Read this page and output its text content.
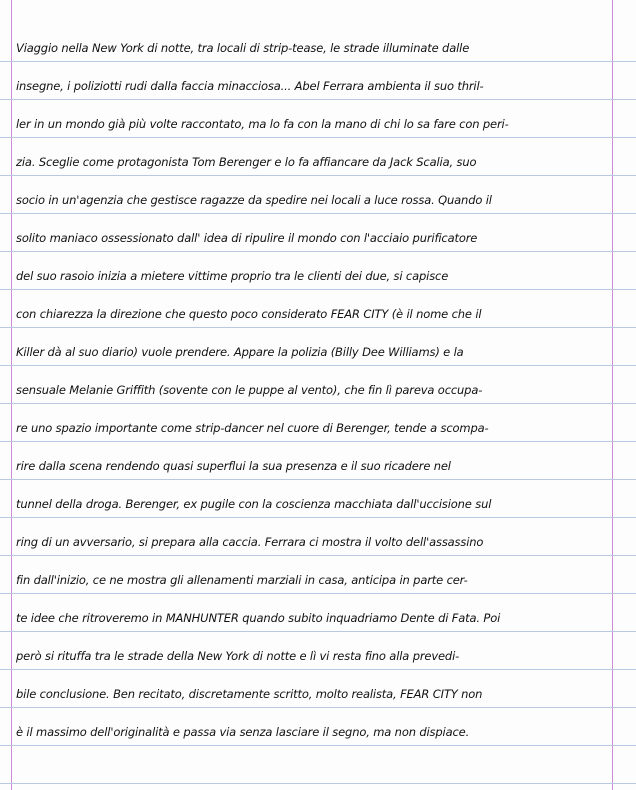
Viaggio nella New York di notte, tra locali di strip-tease, le strade illuminate dalle
insegne, i poliziotti rudi dalla faccia minacciosa... Abel Ferrara ambienta il suo thril-
ler in un mondo già più volte raccontato, ma lo fa con la mano di chi lo sa fare con peri-
zia. Sceglie come protagonista Tom Berenger e lo fa affiancare da Jack Scalia, suo
socio in un'agenzia che gestisce ragazze da spedire nei locali a luce rossa. Quando il
solito maniaco ossessionato dall' idea di ripulire il mondo con l'acciaio purificatore
del suo rasoio inizia a mietere vittime proprio tra le clienti dei due, si capisce
con chiarezza la direzione che questo poco considerato FEAR CITY (è il nome che il
Killer dà al suo diario) vuole prendere. Appare la polizia (Billy Dee Williams) e la
sensuale Melanie Griffith (sovente con le puppe al vento), che fin lì pareva occupa-
re uno spazio importante come strip-dancer nel cuore di Berenger, tende a scompa-
rire dalla scena rendendo quasi superflui la sua presenza e il suo ricadere nel
tunnel della droga. Berenger, ex pugile con la coscienza macchiata dall'uccisione sul
ring di un avversario, si prepara alla caccia. Ferrara ci mostra il volto dell'assassino
fin dall'inizio, ce ne mostra gli allenamenti marziali in casa, anticipa in parte cer-
te idee che ritroveremo in MANHUNTER quando subito inquadriamo Dente di Fata. Poi
però si rituffa tra le strade della New York di notte e lì vi resta fino alla prevedi-
bile conclusione. Ben recitato, discretamente scritto, molto realista, FEAR CITY non
è il massimo dell'originalità e passa via senza lasciare il segno, ma non dispiace.
